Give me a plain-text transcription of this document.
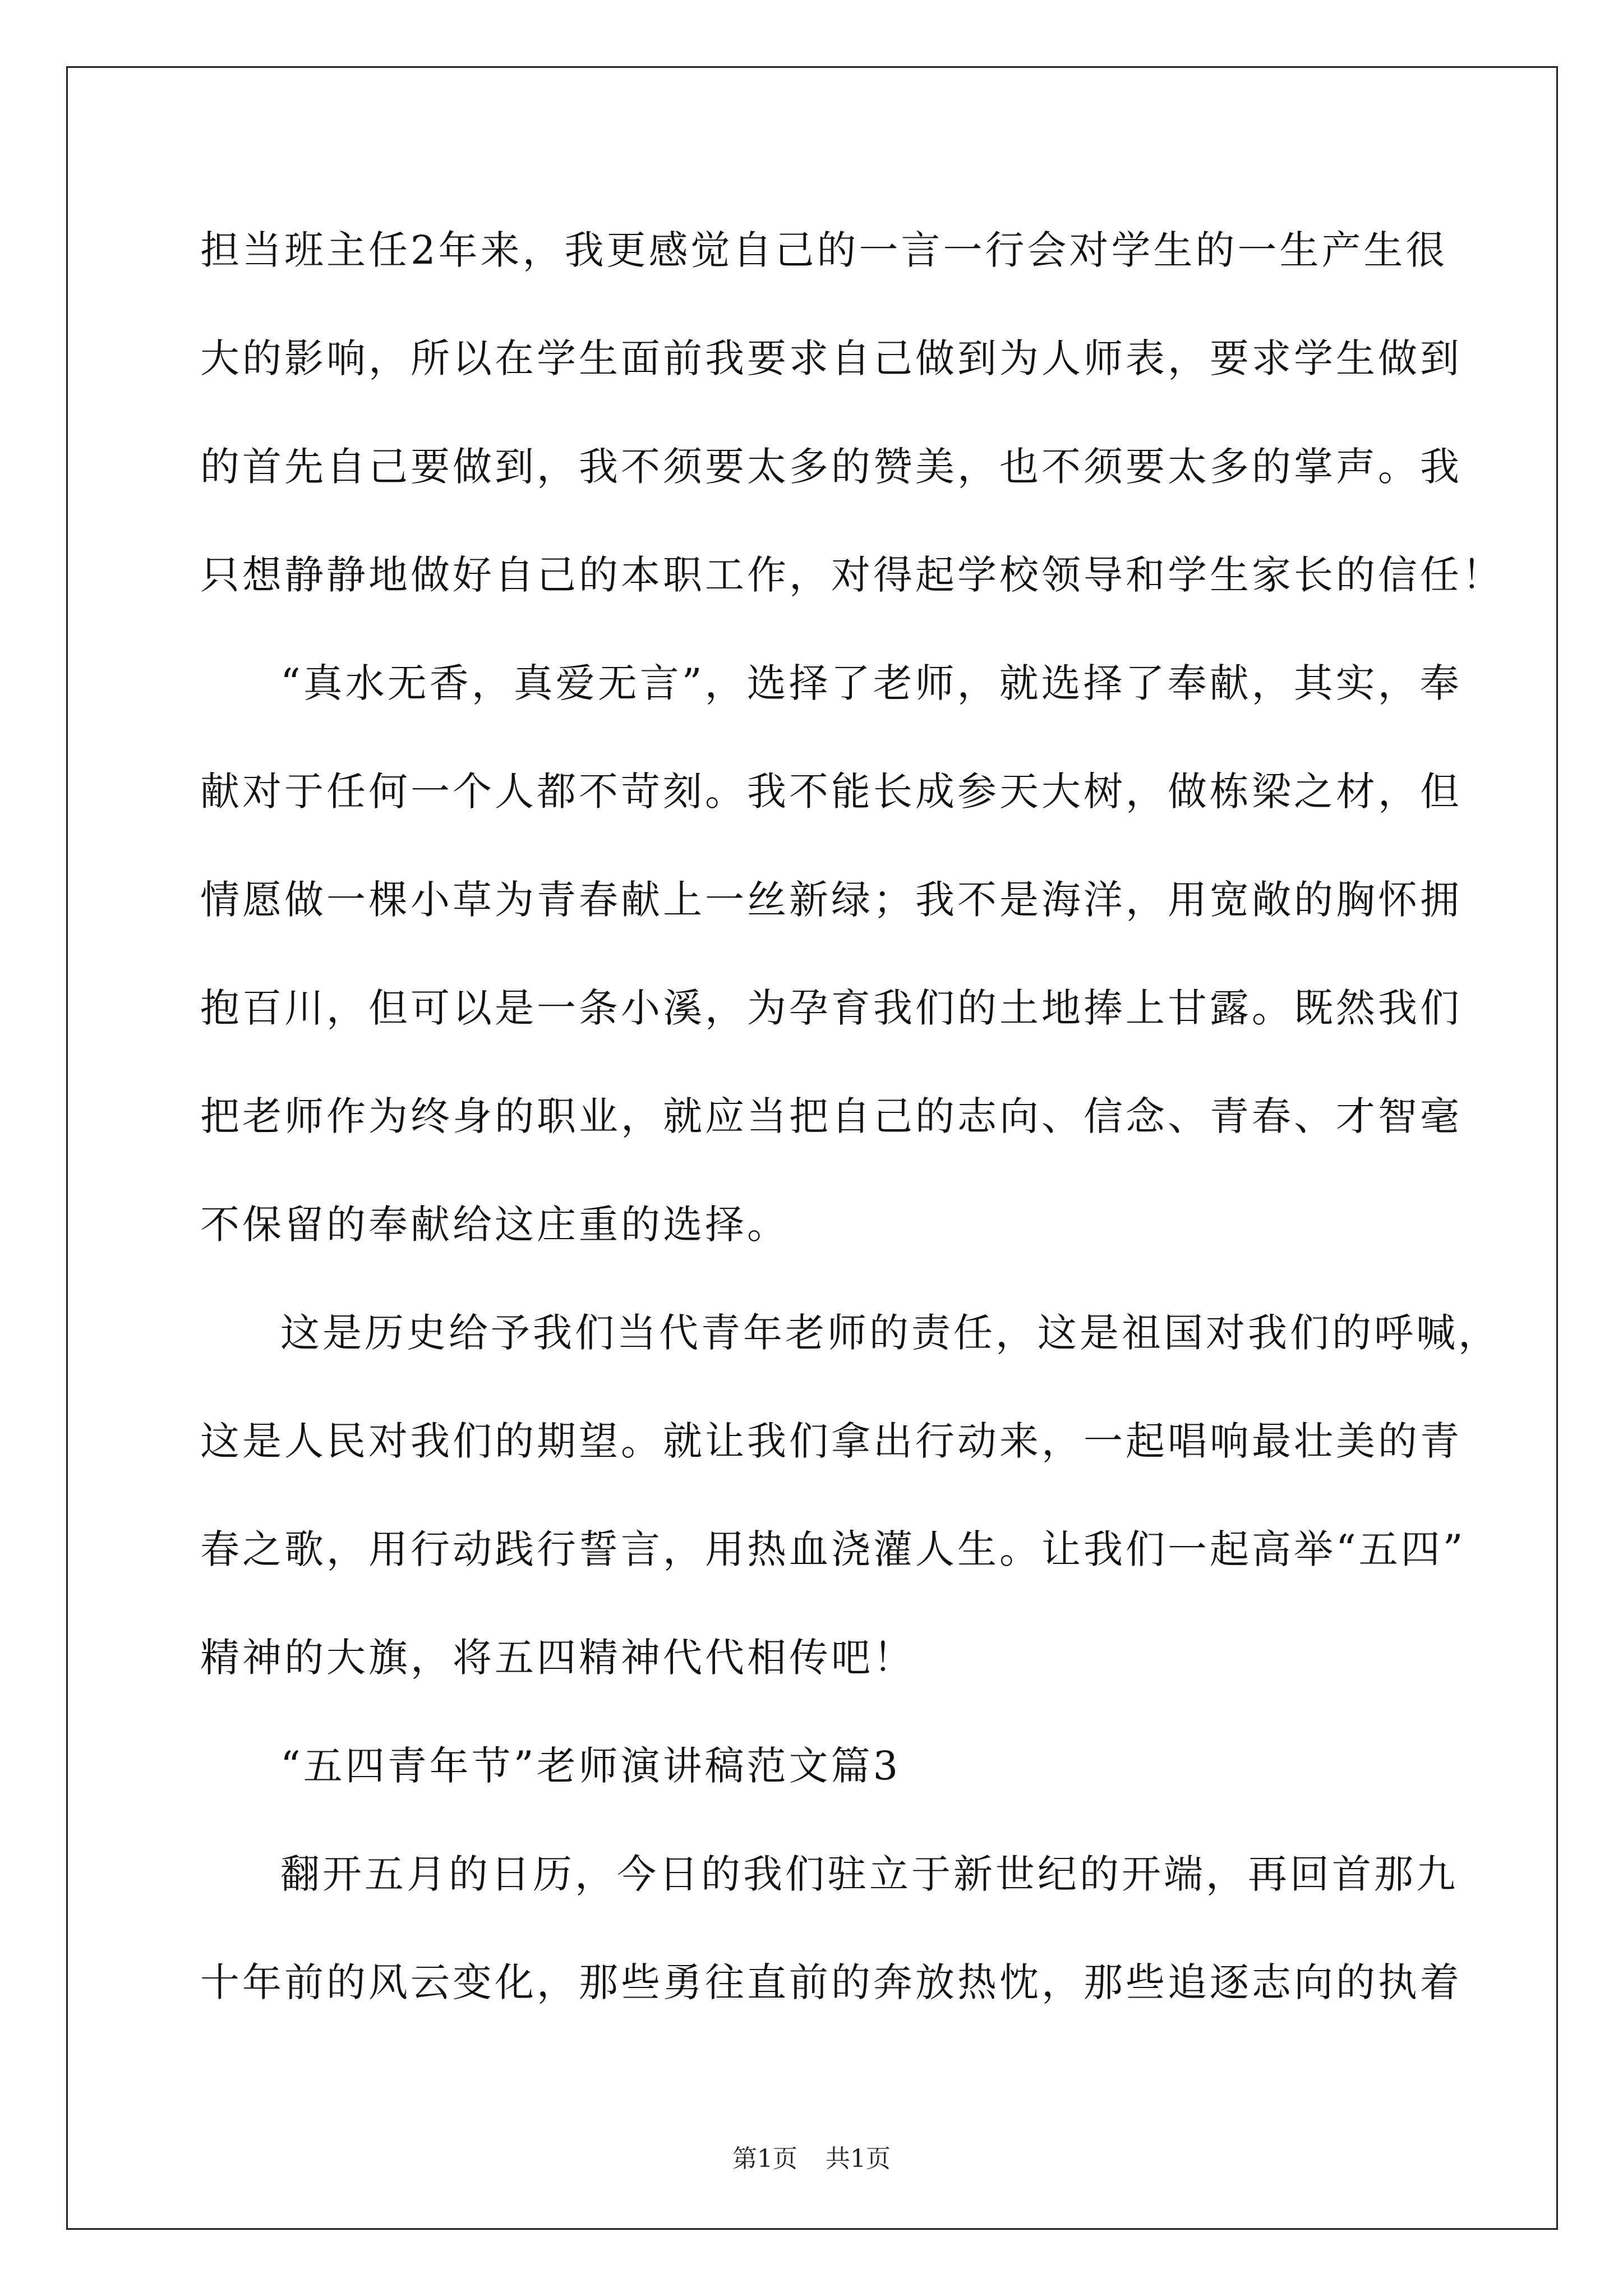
担当班主任2年来，我更感觉自己的一言一行会对学生的一生产生很
大的影响，所以在学生面前我要求自己做到为人师表，要求学生做到
的首先自己要做到，我不须要太多的赞美，也不须要太多的掌声。我
只想静静地做好自己的本职工作，对得起学校领导和学生家长的信任！
“真水无香，真爱无言”，选择了老师，就选择了奉献，其实，奉
献对于任何一个人都不苛刻。我不能长成参天大树，做栋梁之材，但
情愿做一棵小草为青春献上一丝新绿；我不是海洋，用宽敞的胸怀拥
抱百川，但可以是一条小溪，为孕育我们的土地捧上甘露。既然我们
把老师作为终身的职业，就应当把自己的志向、信念、青春、才智毫
不保留的奉献给这庄重的选择。
这是历史给予我们当代青年老师的责任，这是祖国对我们的呼喊，
这是人民对我们的期望。就让我们拿出行动来，一起唱响最壮美的青
春之歌，用行动践行誓言，用热血浇灌人生。让我们一起高举“五四”
精神的大旗，将五四精神代代相传吧！
“五四青年节”老师演讲稿范文篇3
翻开五月的日历，今日的我们驻立于新世纪的开端，再回首那九
十年前的风云变化，那些勇往直前的奔放热忱，那些追逐志向的执着
第1页 共1页
